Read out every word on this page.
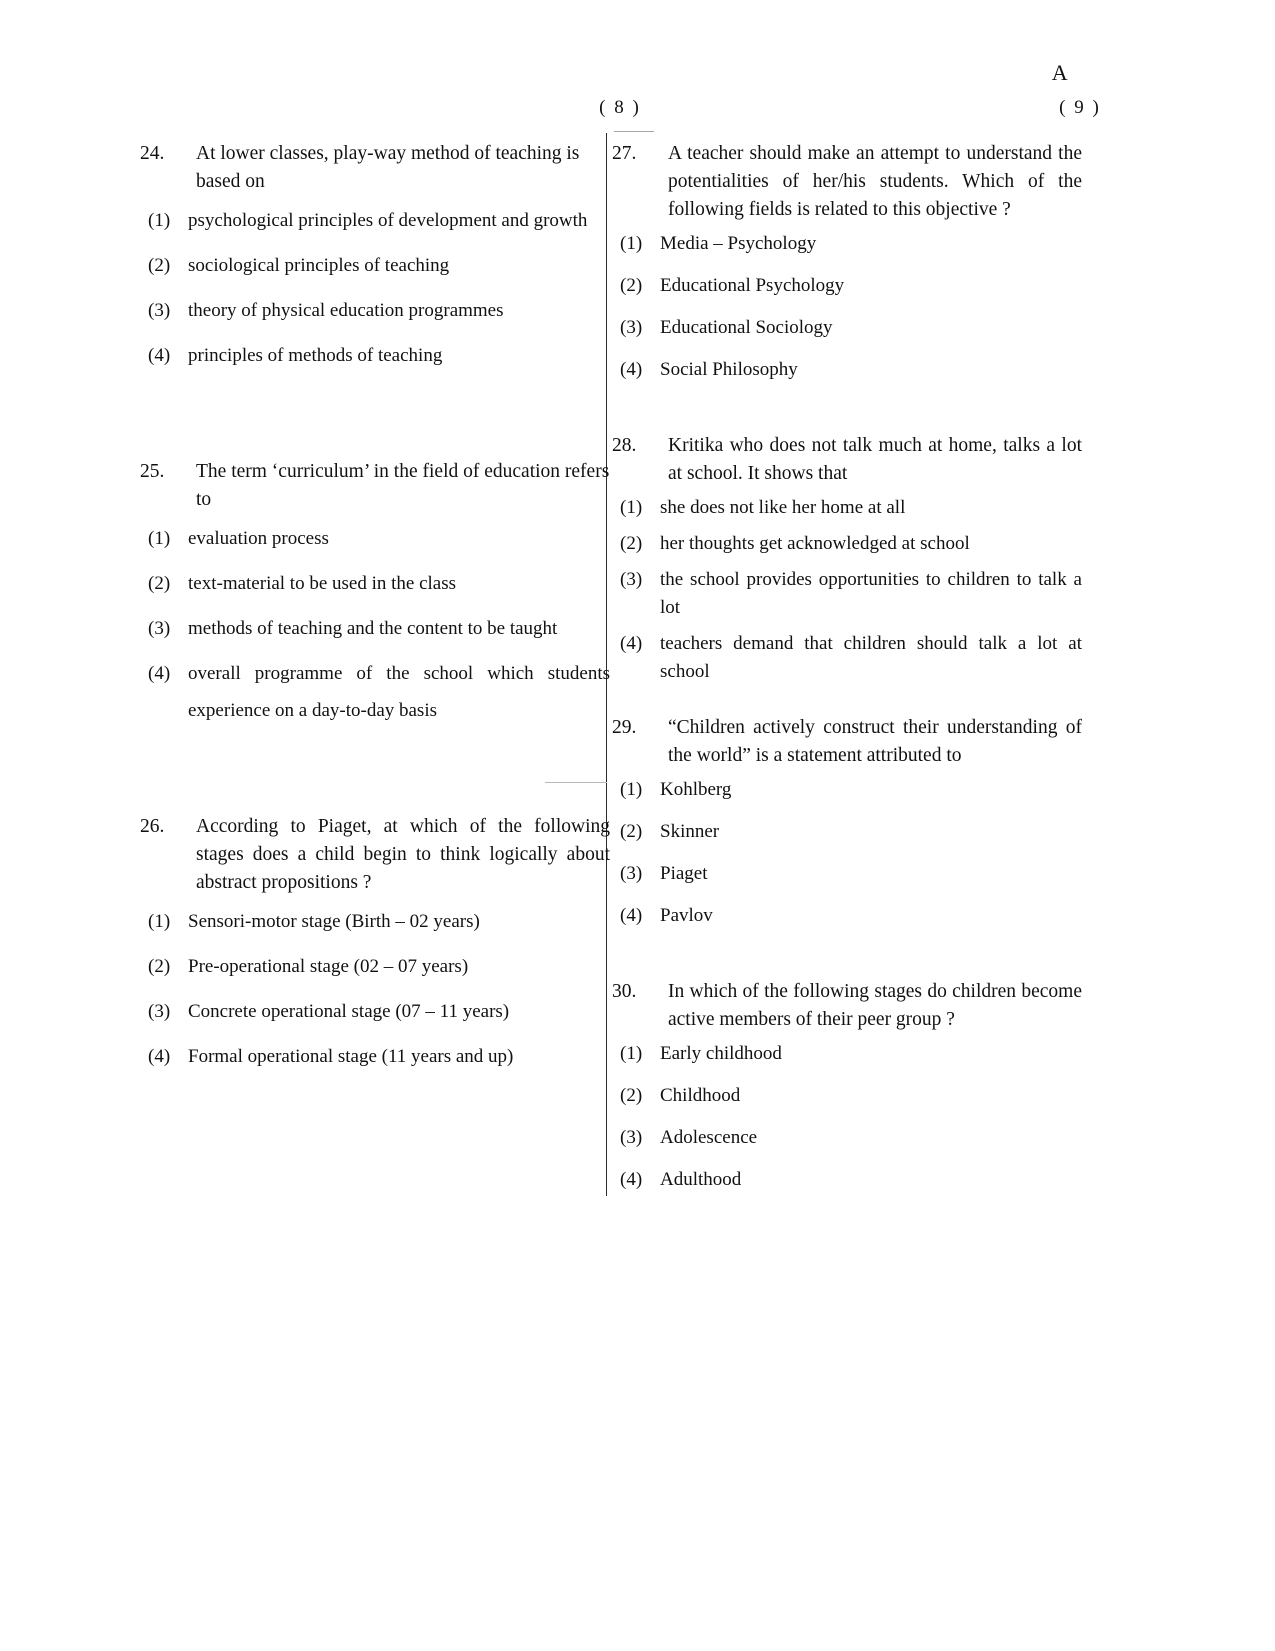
A
( 8 )	( 9 )
——
24.	At lower classes, play-way method of teaching is based on
(1) psychological principles of development and growth
(2) sociological principles of teaching
(3) theory of physical education programmes
(4) principles of methods of teaching
25.	The term ‘curriculum’ in the field of education refers to
(1) evaluation process
(2) text-material to be used in the class
(3) methods of teaching and the content to be taught
(4) overall programme of the school which students experience on a day-to-day basis
26.	According to Piaget, at which of the following stages does a child begin to think logically about abstract propositions ?
(1) Sensori-motor stage (Birth – 02 years)
(2) Pre-operational stage (02 – 07 years)
(3) Concrete operational stage (07 – 11 years)
(4) Formal operational stage (11 years and up)
27.	A teacher should make an attempt to understand the potentialities of her/his students. Which of the following fields is related to this objective ?
(1) Media – Psychology
(2) Educational Psychology
(3) Educational Sociology
(4) Social Philosophy
28.	Kritika who does not talk much at home, talks a lot at school. It shows that
(1) she does not like her home at all
(2) her thoughts get acknowledged at school
(3) the school provides opportunities to children to talk a lot
(4) teachers demand that children should talk a lot at school
29.	“Children actively construct their understanding of the world” is a statement attributed to
(1) Kohlberg
(2) Skinner
(3) Piaget
(4) Pavlov
30.	In which of the following stages do children become active members of their peer group ?
(1) Early childhood
(2) Childhood
(3) Adolescence
(4) Adulthood
